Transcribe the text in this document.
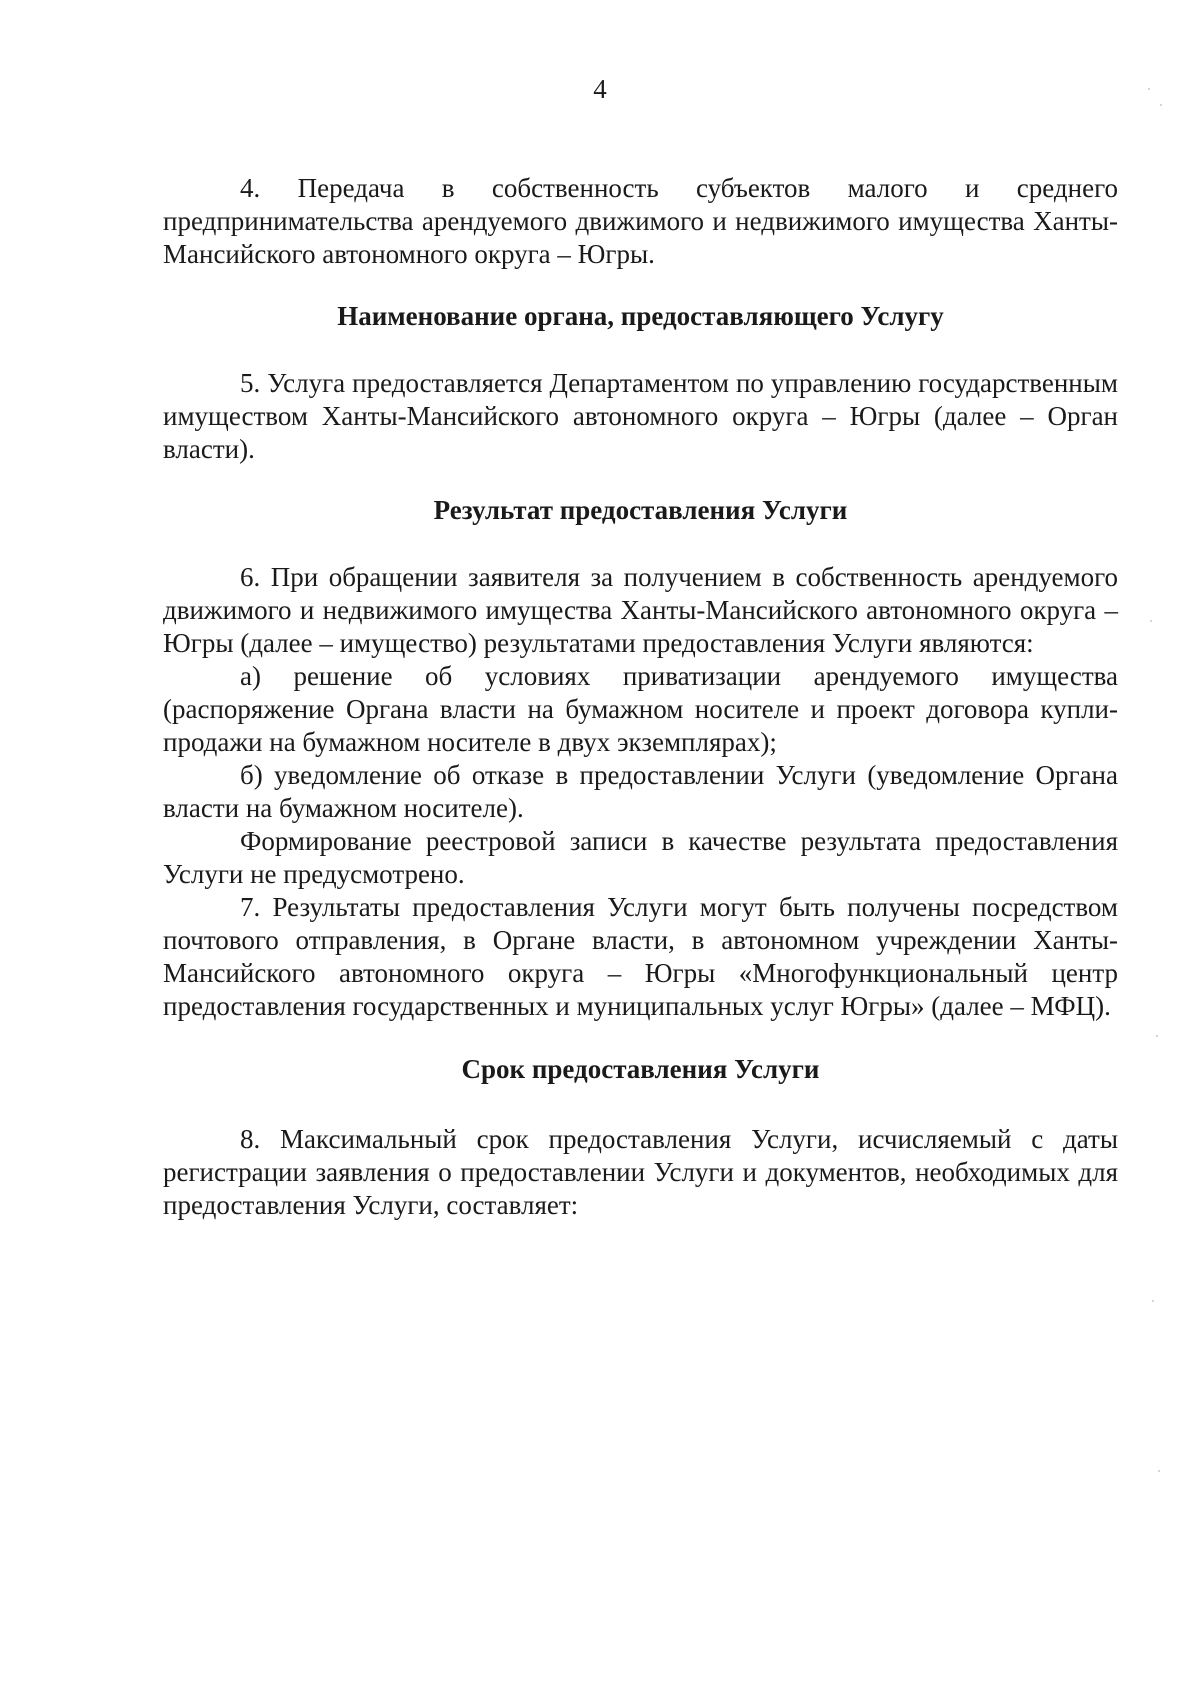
4

4. Передача в собственность субъектов малого и среднего предпринимательства арендуемого движимого и недвижимого имущества Ханты-Мансийского автономного округа – Югры.

Наименование органа, предоставляющего Услугу

5. Услуга предоставляется Департаментом по управлению государственным имуществом Ханты-Мансийского автономного округа – Югры (далее – Орган власти).

Результат предоставления Услуги

6. При обращении заявителя за получением в собственность арендуемого движимого и недвижимого имущества Ханты-Мансийского автономного округа – Югры (далее – имущество) результатами предоставления Услуги являются:

а) решение об условиях приватизации арендуемого имущества (распоряжение Органа власти на бумажном носителе и проект договора купли-продажи на бумажном носителе в двух экземплярах);

б) уведомление об отказе в предоставлении Услуги (уведомление Органа власти на бумажном носителе).

Формирование реестровой записи в качестве результата предоставления Услуги не предусмотрено.

7. Результаты предоставления Услуги могут быть получены посредством почтового отправления, в Органе власти, в автономном учреждении Ханты-Мансийского автономного округа – Югры «Многофункциональный центр предоставления государственных и муниципальных услуг Югры» (далее – МФЦ).

Срок предоставления Услуги

8. Максимальный срок предоставления Услуги, исчисляемый с даты регистрации заявления о предоставлении Услуги и документов, необходимых для предоставления Услуги, составляет:
